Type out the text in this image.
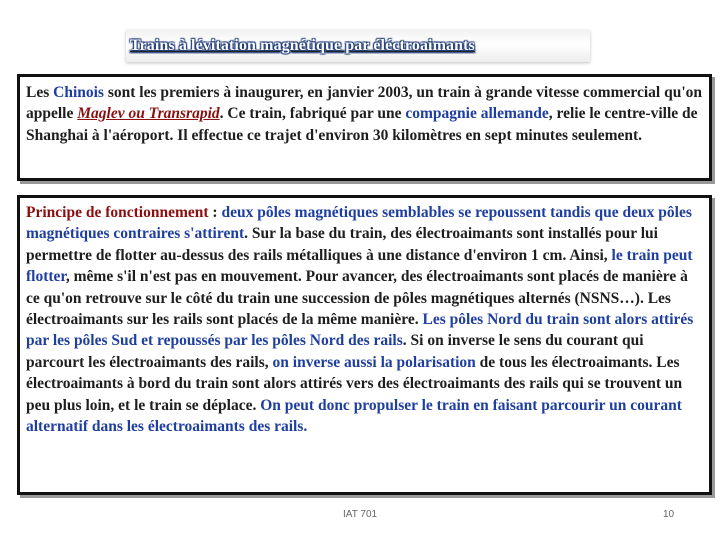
Trains à lévitation magnétique par éléctroaimants
Les Chinois sont les premiers à inaugurer, en janvier 2003, un train à grande vitesse commercial qu'on appelle Maglev ou Transrapid. Ce train, fabriqué par une compagnie allemande, relie le centre-ville de Shanghai à l'aéroport. Il effectue ce trajet d'environ 30 kilomètres en sept minutes seulement.
Principe de fonctionnement : deux pôles magnétiques semblables se repoussent tandis que deux pôles magnétiques contraires s'attirent. Sur la base du train, des électroaimants sont installés pour lui permettre de flotter au-dessus des rails métalliques à une distance d'environ 1 cm. Ainsi, le train peut flotter, même s'il n'est pas en mouvement. Pour avancer, des électroaimants sont placés de manière à ce qu'on retrouve sur le côté du train une succession de pôles magnétiques alternés (NSNS…). Les électroaimants sur les rails sont placés de la même manière. Les pôles Nord du train sont alors attirés par les pôles Sud et repoussés par les pôles Nord des rails. Si on inverse le sens du courant qui parcourt les électroaimants des rails, on inverse aussi la polarisation de tous les électroaimants. Les électroaimants à bord du train sont alors attirés vers des électroaimants des rails qui se trouvent un peu plus loin, et le train se déplace. On peut donc propulser le train en faisant parcourir un courant alternatif dans les électroaimants des rails.
IAT 701	10
